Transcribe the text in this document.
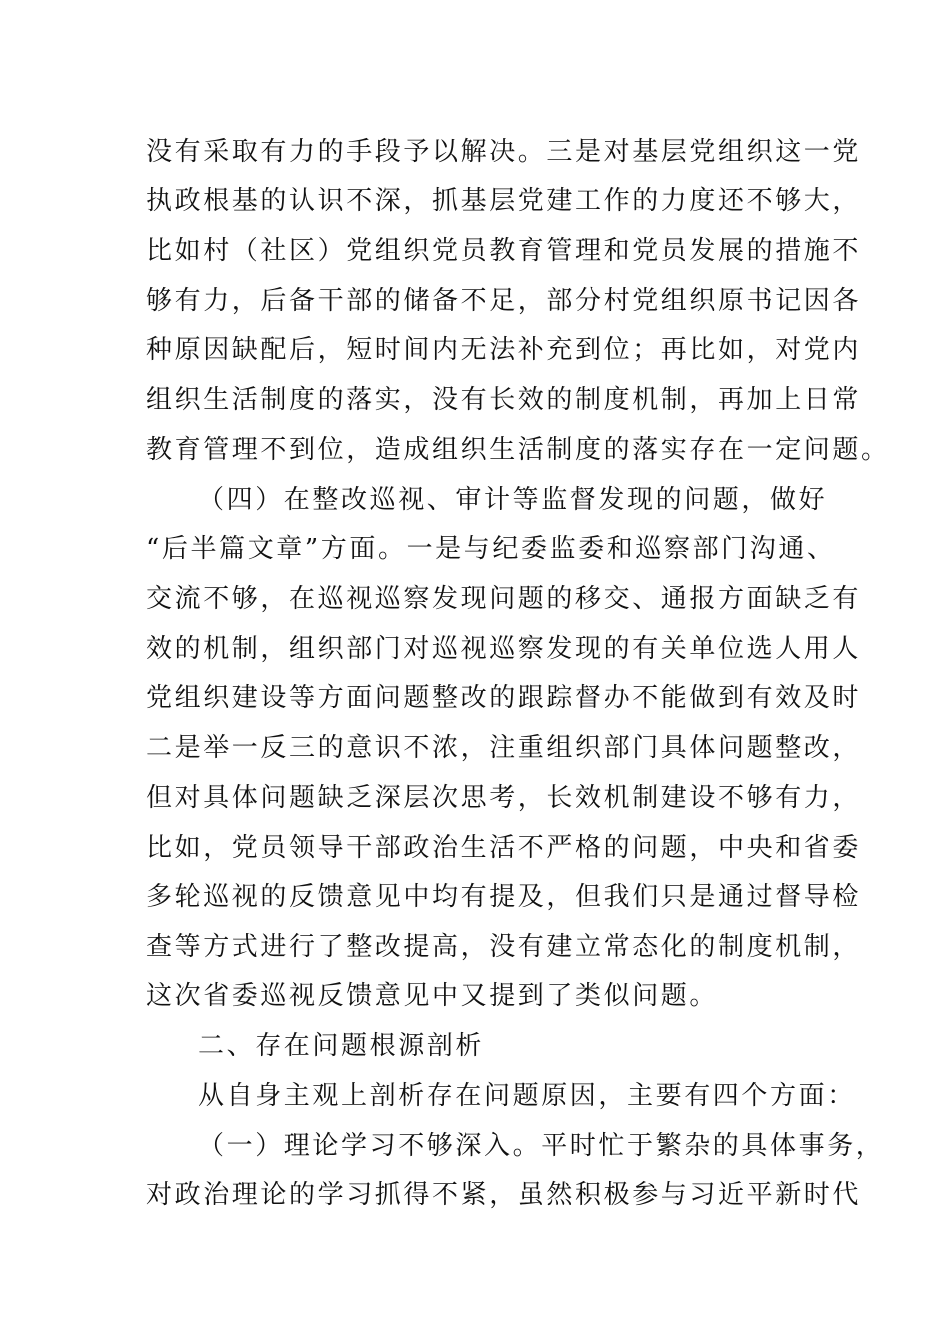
没有采取有力的手段予以解决。三是对基层党组织这一党
执政根基的认识不深，抓基层党建工作的力度还不够大，
比如村（社区）党组织党员教育管理和党员发展的措施不
够有力，后备干部的储备不足，部分村党组织原书记因各
种原因缺配后，短时间内无法补充到位；再比如，对党内
组织生活制度的落实，没有长效的制度机制，再加上日常
教育管理不到位，造成组织生活制度的落实存在一定问题。
（四）在整改巡视、审计等监督发现的问题，做好
“后半篇文章”方面。一是与纪委监委和巡察部门沟通、
交流不够，在巡视巡察发现问题的移交、通报方面缺乏有
效的机制，组织部门对巡视巡察发现的有关单位选人用人
党组织建设等方面问题整改的跟踪督办不能做到有效及时
二是举一反三的意识不浓，注重组织部门具体问题整改，
但对具体问题缺乏深层次思考，长效机制建设不够有力，
比如，党员领导干部政治生活不严格的问题，中央和省委
多轮巡视的反馈意见中均有提及，但我们只是通过督导检
查等方式进行了整改提高，没有建立常态化的制度机制，
这次省委巡视反馈意见中又提到了类似问题。
二、存在问题根源剖析
从自身主观上剖析存在问题原因，主要有四个方面：
（一）理论学习不够深入。平时忙于繁杂的具体事务，
对政治理论的学习抓得不紧，虽然积极参与习近平新时代
